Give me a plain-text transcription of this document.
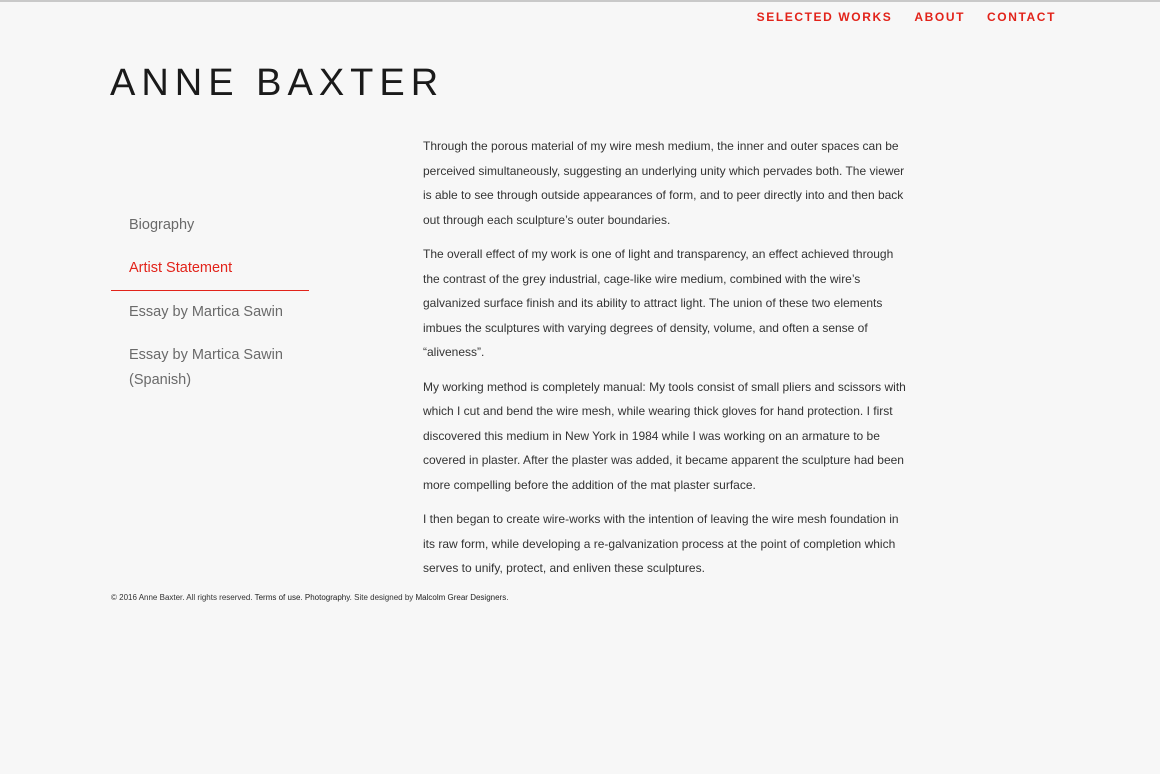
SELECTED WORKS ABOUT CONTACT
ANNE BAXTER
Biography
Artist Statement
Essay by Martica Sawin
Essay by Martica Sawin (Spanish)

Through the porous material of my wire mesh medium, the inner and outer spaces can be perceived simultaneously, suggesting an underlying unity which pervades both. The viewer is able to see through outside appearances of form, and to peer directly into and then back out through each sculpture’s outer boundaries.

The overall effect of my work is one of light and transparency, an effect achieved through the contrast of the grey industrial, cage-like wire medium, combined with the wire’s galvanized surface finish and its ability to attract light. The union of these two elements imbues the sculptures with varying degrees of density, volume, and often a sense of “aliveness”.

My working method is completely manual: My tools consist of small pliers and scissors with which I cut and bend the wire mesh, while wearing thick gloves for hand protection. I first discovered this medium in New York in 1984 while I was working on an armature to be covered in plaster. After the plaster was added, it became apparent the sculpture had been more compelling before the addition of the mat plaster surface.

I then began to create wire-works with the intention of leaving the wire mesh foundation in its raw form, while developing a re-galvanization process at the point of completion which serves to unify, protect, and enliven these sculptures.

© 2016 Anne Baxter. All rights reserved. Terms of use. Photography. Site designed by Malcolm Grear Designers.
